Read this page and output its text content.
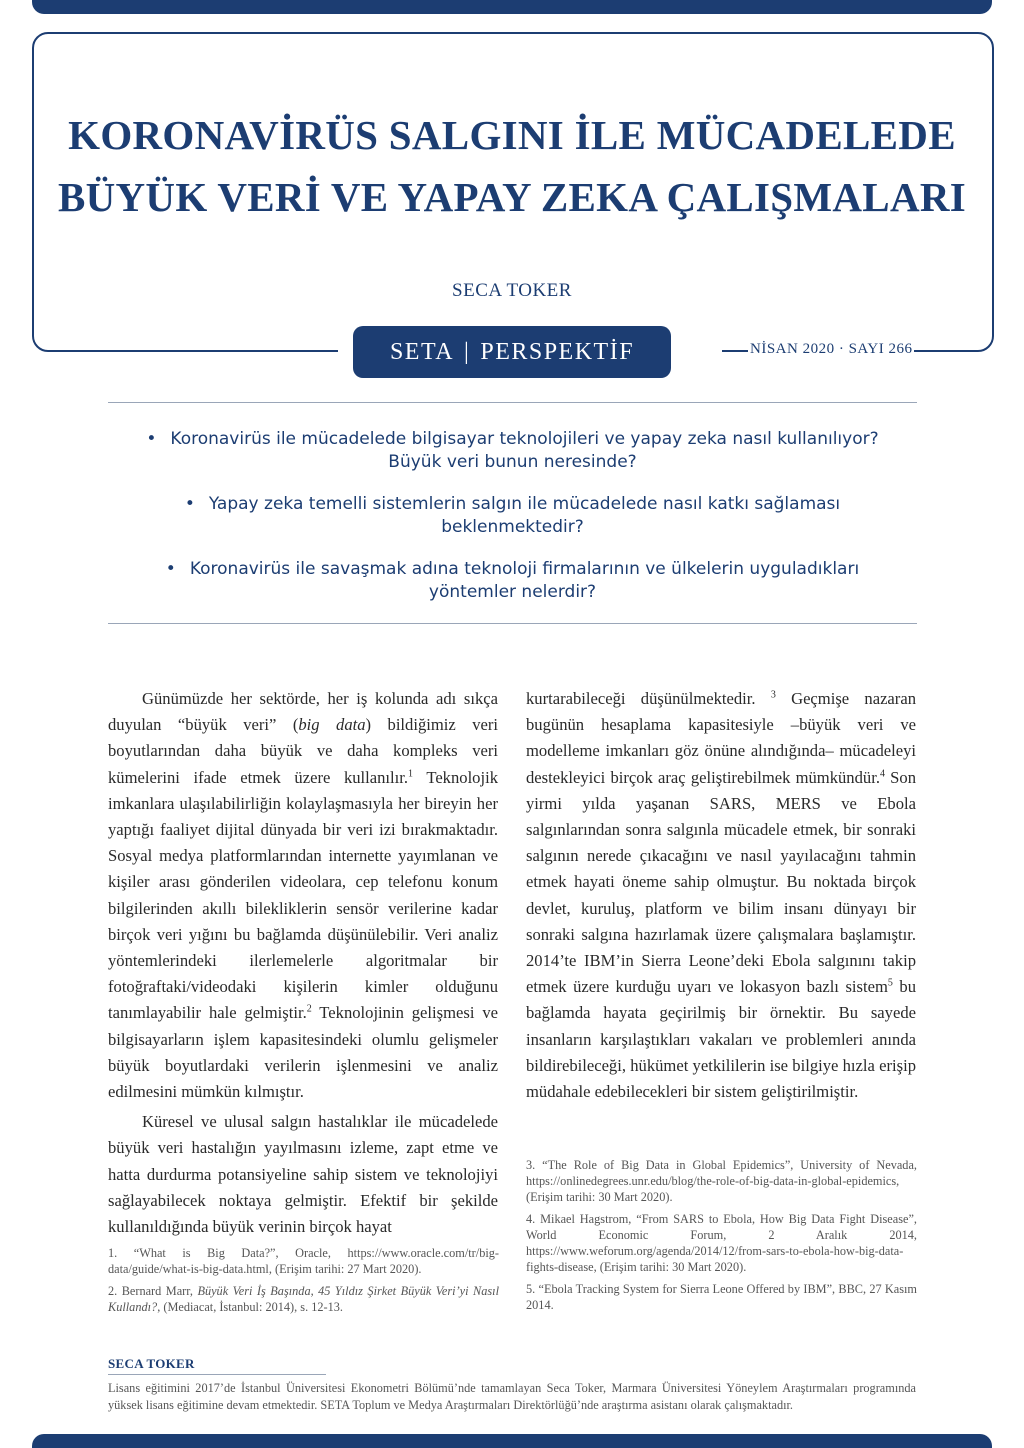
KORONAVİRÜS SALGINI İLE MÜCADELEDE
BÜYÜK VERİ VE YAPAY ZEKA ÇALIŞMALARI
SECA TOKER
SETA | PERSPEKTİF	NİSAN 2020 · SAYI 266
• Koronavirüs ile mücadelede bilgisayar teknolojileri ve yapay zeka nasıl kullanılıyor?
Büyük veri bunun neresinde?
• Yapay zeka temelli sistemlerin salgın ile mücadelede nasıl katkı sağlaması
beklenmektedir?
• Koronavirüs ile savaşmak adına teknoloji firmalarının ve ülkelerin uyguladıkları
yöntemler nelerdir?

Günümüzde her sektörde, her iş kolunda adı sıkça duyulan “büyük veri” (big data) bildiğimiz veri boyutlarından daha büyük ve daha kompleks veri kümelerini ifade etmek üzere kullanılır.$^1$ Teknolojik imkanlara ulaşılabilirliğin kolaylaşmasıyla her bireyin her yaptığı faaliyet dijital dünyada bir veri izi bırakmaktadır. Sosyal medya platformlarından internette yayımlanan ve kişiler arası gönderilen videolara, cep telefonu konum bilgilerinden akıllı bilekliklerin sensör verilerine kadar birçok veri yığını bu bağlamda düşünülebilir. Veri analiz yöntemlerindeki ilerlemelerle algoritmalar bir fotoğraftaki/videodaki kişilerin kimler olduğunu tanımlayabilir hale gelmiştir.$^2$ Teknolojinin gelişmesi ve bilgisayarların işlem kapasitesindeki olumlu gelişmeler büyük boyutlardaki verilerin işlenmesini ve analiz edilmesini mümkün kılmıştır.

Küresel ve ulusal salgın hastalıklar ile mücadelede büyük veri hastalığın yayılmasını izleme, zapt etme ve hatta durdurma potansiyeline sahip sistem ve teknolojiyi sağlayabilecek noktaya gelmiştir. Efektif bir şekilde kullanıldığında büyük verinin birçok hayat

kurtarabileceği düşünülmektedir. $^3$ Geçmişe nazaran bugünün hesaplama kapasitesiyle –büyük veri ve modelleme imkanları göz önüne alındığında– mücadeleyi destekleyici birçok araç geliştirebilmek mümkündür.$^4$ Son yirmi yılda yaşanan SARS, MERS ve Ebola salgınlarından sonra salgınla mücadele etmek, bir sonraki salgının nerede çıkacağını ve nasıl yayılacağını tahmin etmek hayati öneme sahip olmuştur. Bu noktada birçok devlet, kuruluş, platform ve bilim insanı dünyayı bir sonraki salgına hazırlamak üzere çalışmalara başlamıştır. 2014’te IBM’in Sierra Leone’deki Ebola salgınını takip etmek üzere kurduğu uyarı ve lokasyon bazlı sistem$^5$ bu bağlamda hayata geçirilmiş bir örnektir. Bu sayede insanların karşılaştıkları vakaları ve problemleri anında bildirebileceği, hükümet yetkililerin ise bilgiye hızla erişip müdahale edebilecekleri bir sistem geliştirilmiştir.

1. “What is Big Data?”, Oracle, https://www.oracle.com/tr/big-data/guide/what-is-big-data.html, (Erişim tarihi: 27 Mart 2020).

2. Bernard Marr, Büyük Veri İş Başında, 45 Yıldız Şirket Büyük Veri’yi Nasıl Kullandı?, (Mediacat, İstanbul: 2014), s. 12-13.

3. “The Role of Big Data in Global Epidemics”, University of Nevada, https://onlinedegrees.unr.edu/blog/the-role-of-big-data-in-global-epidemics, (Erişim tarihi: 30 Mart 2020).

4. Mikael Hagstrom, “From SARS to Ebola, How Big Data Fight Disease”, World Economic Forum, 2 Aralık 2014, https://www.weforum.org/agenda/2014/12/from-sars-to-ebola-how-big-data-fights-disease, (Erişim tarihi: 30 Mart 2020).

5. “Ebola Tracking System for Sierra Leone Offered by IBM”, BBC, 27 Kasım 2014.

SECA TOKER
Lisans eğitimini 2017’de İstanbul Üniversitesi Ekonometri Bölümü’nde tamamlayan Seca Toker, Marmara Üniversitesi Yöneylem Araştırmaları programında yüksek lisans eğitimine devam etmektedir. SETA Toplum ve Medya Araştırmaları Direktörlüğü’nde araştırma asistanı olarak çalışmaktadır.
